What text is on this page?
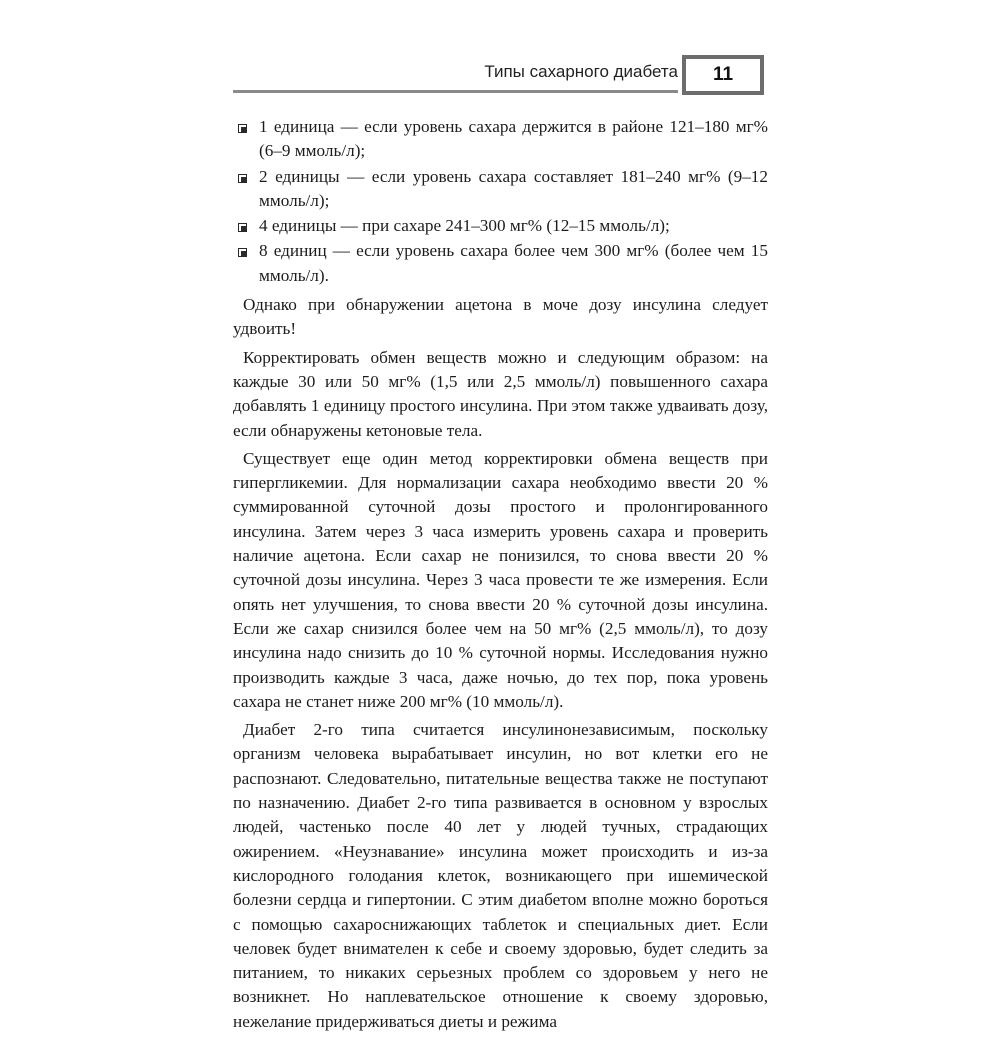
Типы сахарного диабета 11
1 единица — если уровень сахара держится в районе 121–180 мг% (6–9 ммоль/л);
2 единицы — если уровень сахара составляет 181–240 мг% (9–12 ммоль/л);
4 единицы — при сахаре 241–300 мг% (12–15 ммоль/л);
8 единиц — если уровень сахара более чем 300 мг% (более чем 15 ммоль/л).

Однако при обнаружении ацетона в моче дозу инсулина следует удвоить!

Корректировать обмен веществ можно и следующим образом: на каждые 30 или 50 мг% (1,5 или 2,5 ммоль/л) повышенного сахара добавлять 1 единицу простого инсулина. При этом также удваивать дозу, если обнаружены кетоновые тела.

Существует еще один метод корректировки обмена веществ при гипергликемии. Для нормализации сахара необходимо ввести 20 % суммированной суточной дозы простого и пролонгированного инсулина. Затем через 3 часа измерить уровень сахара и проверить наличие ацетона. Если сахар не понизился, то снова ввести 20 % суточной дозы инсулина. Через 3 часа провести те же измерения. Если опять нет улучшения, то снова ввести 20 % суточной дозы инсулина. Если же сахар снизился более чем на 50 мг% (2,5 ммоль/л), то дозу инсулина надо снизить до 10 % суточной нормы. Исследования нужно производить каждые 3 часа, даже ночью, до тех пор, пока уровень сахара не станет ниже 200 мг% (10 ммоль/л).

Диабет 2-го типа считается инсулинонезависимым, поскольку организм человека вырабатывает инсулин, но вот клетки его не распознают. Следовательно, питательные вещества также не поступают по назначению. Диабет 2-го типа развивается в основном у взрослых людей, частенько после 40 лет у людей тучных, страдающих ожирением. «Неузнавание» инсулина может происходить и из-за кислородного голодания клеток, возникающего при ишемической болезни сердца и гипертонии. С этим диабетом вполне можно бороться с помощью сахароснижающих таблеток и специальных диет. Если человек будет внимателен к себе и своему здоровью, будет следить за питанием, то никаких серьезных проблем со здоровьем у него не возникнет. Но наплевательское отношение к своему здоровью, нежелание придерживаться диеты и режима
